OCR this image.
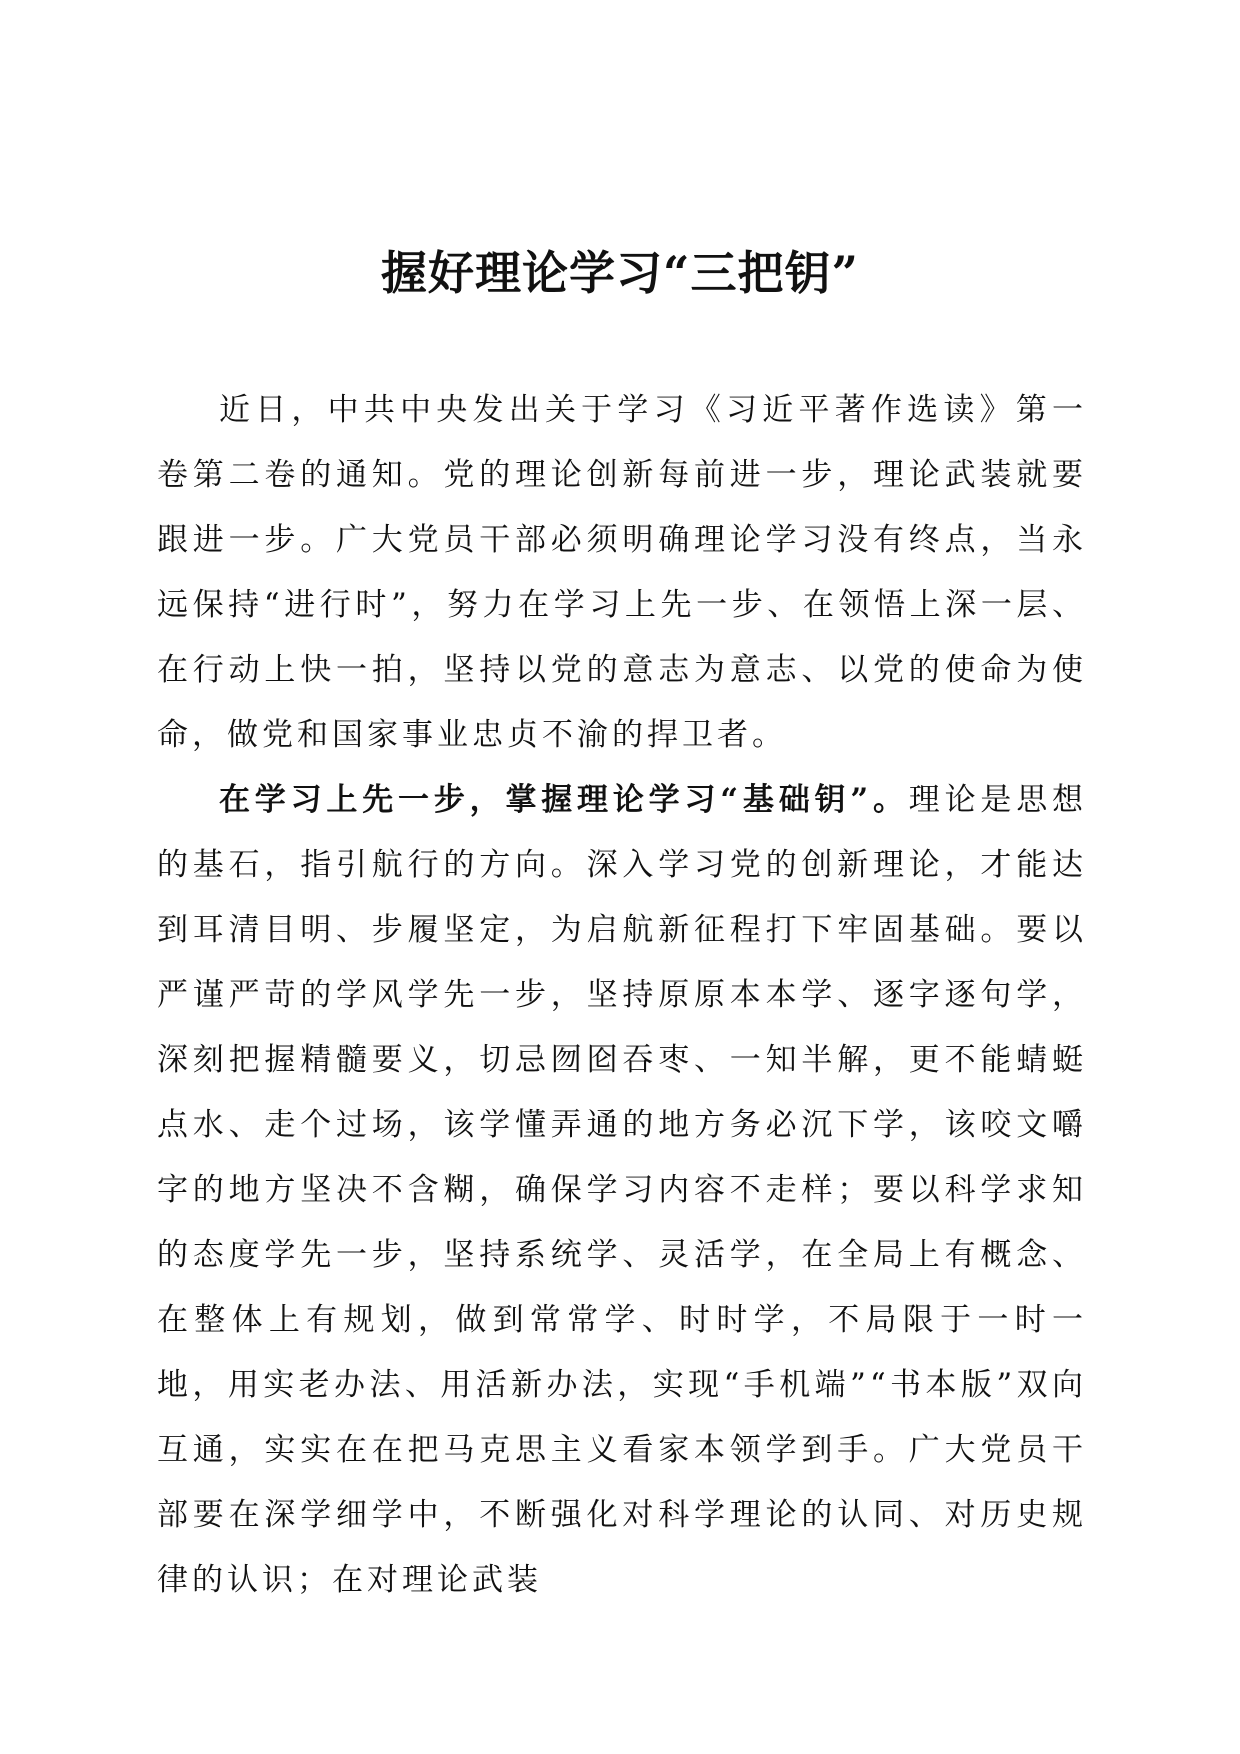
握好理论学习“三把钥”

近日，中共中央发出关于学习《习近平著作选读》第一卷第二卷的通知。党的理论创新每前进一步，理论武装就要跟进一步。广大党员干部必须明确理论学习没有终点，当永远保持“进行时”，努力在学习上先一步、在领悟上深一层、在行动上快一拍，坚持以党的意志为意志、以党的使命为使命，做党和国家事业忠贞不渝的捍卫者。

在学习上先一步，掌握理论学习“基础钥”。理论是思想的基石，指引航行的方向。深入学习党的创新理论，才能达到耳清目明、步履坚定，为启航新征程打下牢固基础。要以严谨严苛的学风学先一步，坚持原原本本学、逐字逐句学，深刻把握精髓要义，切忌囫囵吞枣、一知半解，更不能蜻蜓点水、走个过场，该学懂弄通的地方务必沉下学，该咬文嚼字的地方坚决不含糊，确保学习内容不走样；要以科学求知的态度学先一步，坚持系统学、灵活学，在全局上有概念、在整体上有规划，做到常常学、时时学，不局限于一时一地，用实老办法、用活新办法，实现“手机端”“书本版”双向互通，实实在在把马克思主义看家本领学到手。广大党员干部要在深学细学中，不断强化对科学理论的认同、对历史规律的认识；在对理论武装
